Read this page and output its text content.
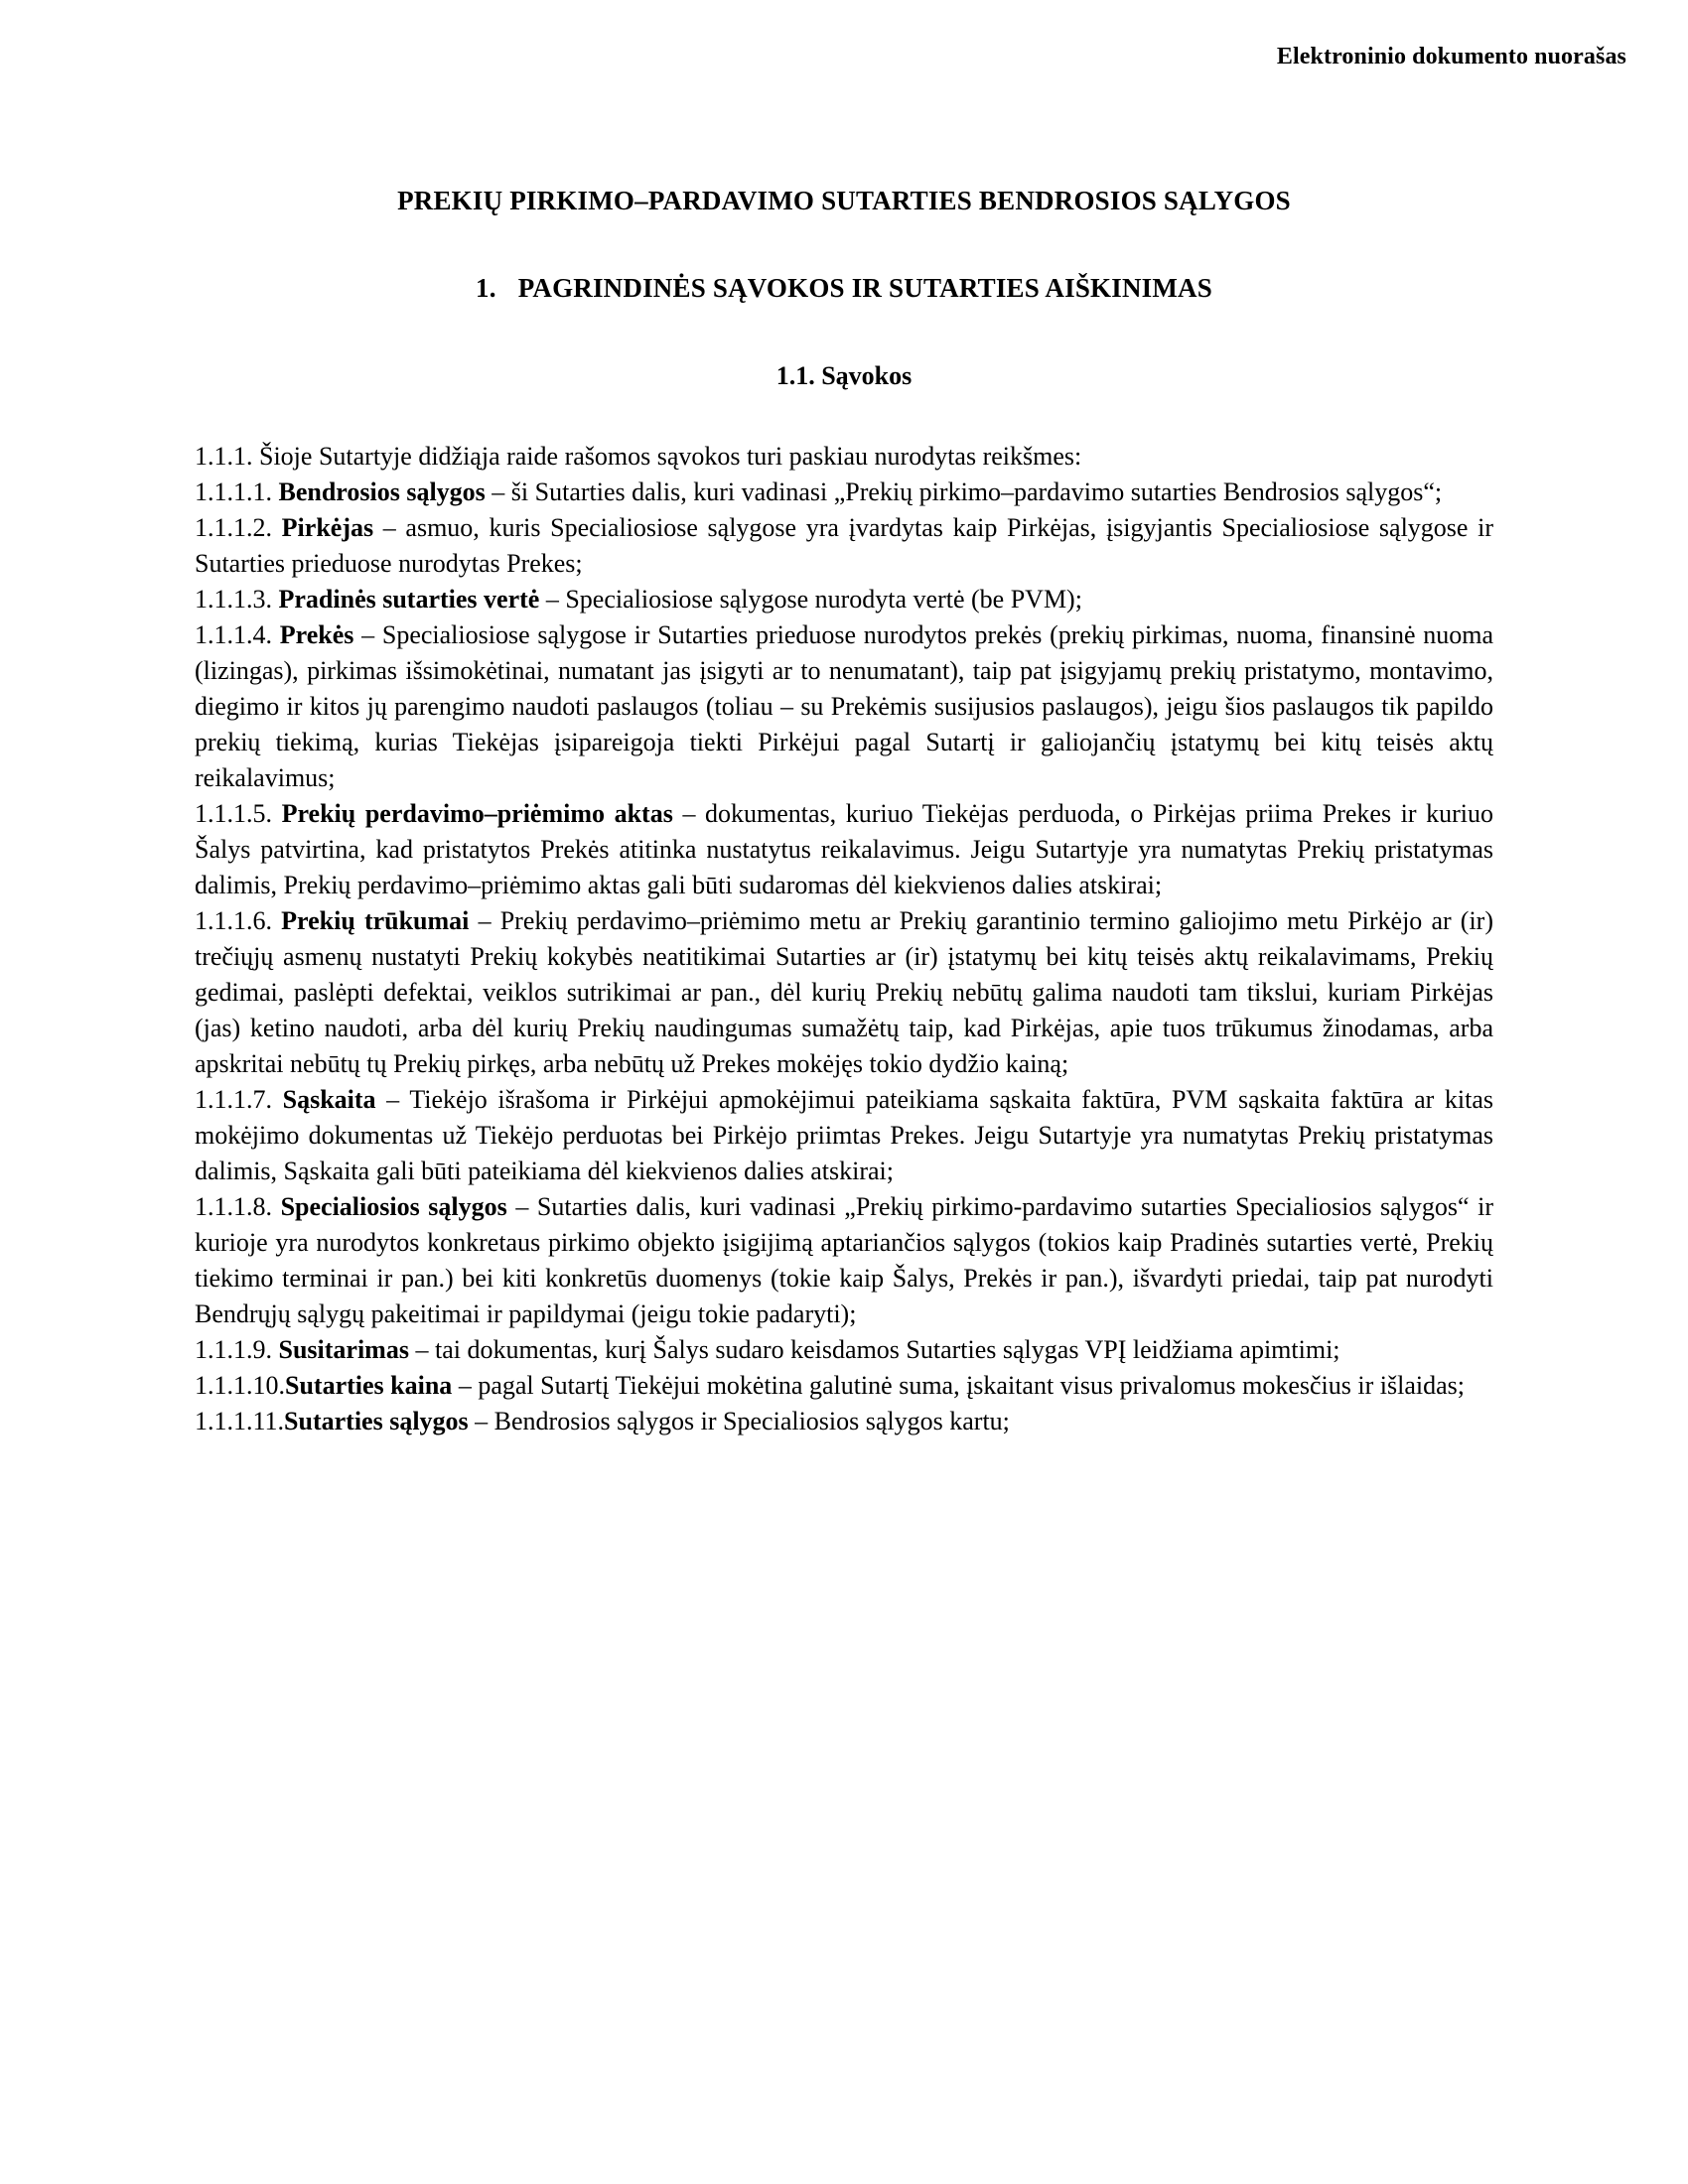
Elektroninio dokumento nuorašas
PREKIŲ PIRKIMO–PARDAVIMO SUTARTIES BENDROSIOS SĄLYGOS
1. PAGRINDINĖS SĄVOKOS IR SUTARTIES AIŠKINIMAS
1.1. Sąvokos

1.1.1. Šioje Sutartyje didžiąja raide rašomos sąvokos turi paskiau nurodytas reikšmes:

1.1.1.1. Bendrosios sąlygos – ši Sutarties dalis, kuri vadinasi „Prekių pirkimo–pardavimo sutarties Bendrosios sąlygos“;

1.1.1.2. Pirkėjas – asmuo, kuris Specialiosiose sąlygose yra įvardytas kaip Pirkėjas, įsigyjantis Specialiosiose sąlygose ir Sutarties prieduose nurodytas Prekes;

1.1.1.3. Pradinės sutarties vertė – Specialiosiose sąlygose nurodyta vertė (be PVM);

1.1.1.4. Prekės – Specialiosiose sąlygose ir Sutarties prieduose nurodytos prekės (prekių pirkimas, nuoma, finansinė nuoma (lizingas), pirkimas išsimokėtinai, numatant jas įsigyti ar to nenumatant), taip pat įsigyjamų prekių pristatymo, montavimo, diegimo ir kitos jų parengimo naudoti paslaugos (toliau – su Prekėmis susijusios paslaugos), jeigu šios paslaugos tik papildo prekių tiekimą, kurias Tiekėjas įsipareigoja tiekti Pirkėjui pagal Sutartį ir galiojančių įstatymų bei kitų teisės aktų reikalavimus;

1.1.1.5. Prekių perdavimo–priėmimo aktas – dokumentas, kuriuo Tiekėjas perduoda, o Pirkėjas priima Prekes ir kuriuo Šalys patvirtina, kad pristatytos Prekės atitinka nustatytus reikalavimus. Jeigu Sutartyje yra numatytas Prekių pristatymas dalimis, Prekių perdavimo–priėmimo aktas gali būti sudaromas dėl kiekvienos dalies atskirai;

1.1.1.6. Prekių trūkumai – Prekių perdavimo–priėmimo metu ar Prekių garantinio termino galiojimo metu Pirkėjo ar (ir) trečiųjų asmenų nustatyti Prekių kokybės neatitikimai Sutarties ar (ir) įstatymų bei kitų teisės aktų reikalavimams, Prekių gedimai, paslėpti defektai, veiklos sutrikimai ar pan., dėl kurių Prekių nebūtų galima naudoti tam tikslui, kuriam Pirkėjas (jas) ketino naudoti, arba dėl kurių Prekių naudingumas sumažėtų taip, kad Pirkėjas, apie tuos trūkumus žinodamas, arba apskritai nebūtų tų Prekių pirkęs, arba nebūtų už Prekes mokėjęs tokio dydžio kainą;

1.1.1.7. Sąskaita – Tiekėjo išrašoma ir Pirkėjui apmokėjimui pateikiama sąskaita faktūra, PVM sąskaita faktūra ar kitas mokėjimo dokumentas už Tiekėjo perduotas bei Pirkėjo priimtas Prekes. Jeigu Sutartyje yra numatytas Prekių pristatymas dalimis, Sąskaita gali būti pateikiama dėl kiekvienos dalies atskirai;

1.1.1.8. Specialiosios sąlygos – Sutarties dalis, kuri vadinasi „Prekių pirkimo-pardavimo sutarties Specialiosios sąlygos“ ir kurioje yra nurodytos konkretaus pirkimo objekto įsigijimą aptariančios sąlygos (tokios kaip Pradinės sutarties vertė, Prekių tiekimo terminai ir pan.) bei kiti konkretūs duomenys (tokie kaip Šalys, Prekės ir pan.), išvardyti priedai, taip pat nurodyti Bendrųjų sąlygų pakeitimai ir papildymai (jeigu tokie padaryti);

1.1.1.9. Susitarimas – tai dokumentas, kurį Šalys sudaro keisdamos Sutarties sąlygas VPĮ leidžiama apimtimi;

1.1.1.10.Sutarties kaina – pagal Sutartį Tiekėjui mokėtina galutinė suma, įskaitant visus privalomus mokesčius ir išlaidas;

1.1.1.11.Sutarties sąlygos – Bendrosios sąlygos ir Specialiosios sąlygos kartu;
